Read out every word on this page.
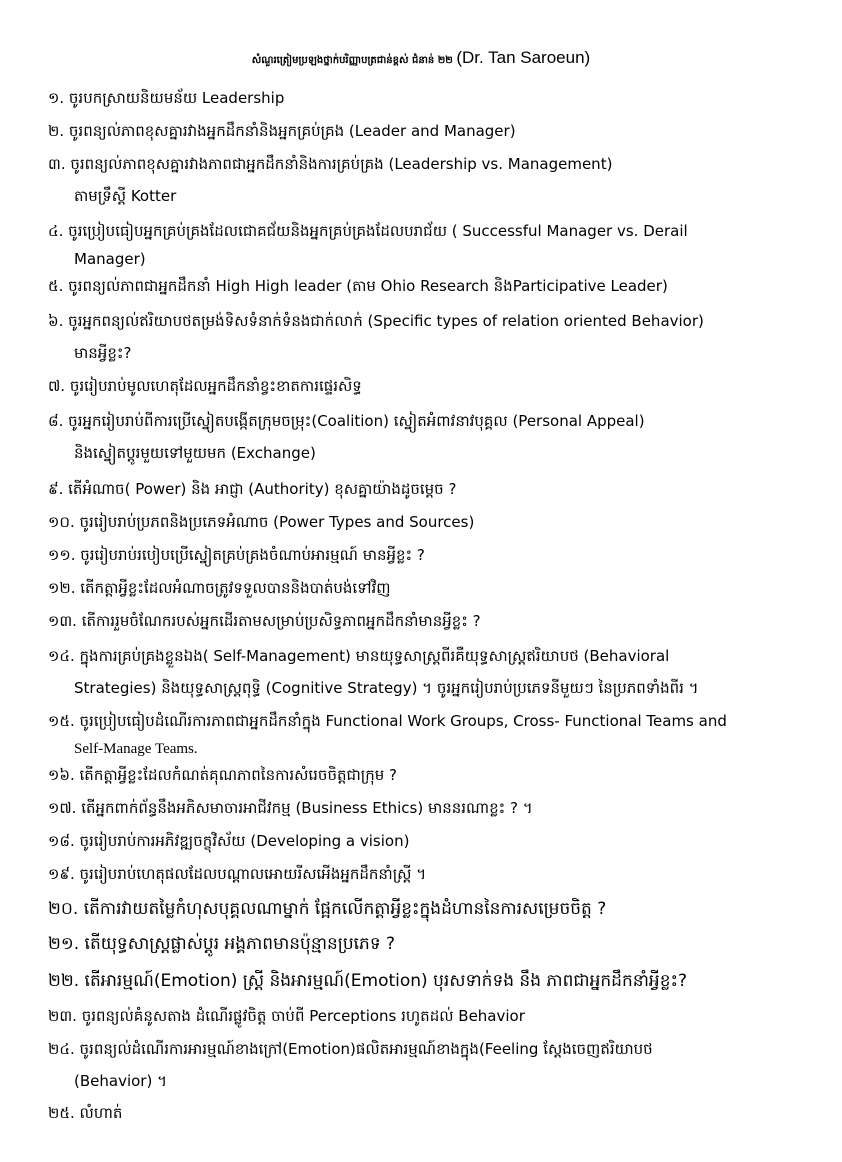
សំណួរត្រៀមប្រឡងថ្នាក់បរិញ្ញាបត្រជាន់ខ្ពស់ ជំនាន់ ២២ (Dr. Tan Saroeun)
១. ចូរបកស្រាយនិយមន័យ Leadership
២. ចូរពន្យល់ភាពខុសគ្នារវាងអ្នកដឹកនាំនិងអ្នកគ្រប់គ្រង (Leader and Manager)
៣. ចូរពន្យល់ភាពខុសគ្នារវាងភាពជាអ្នកដឹកនាំនិងការគ្រប់គ្រង (Leadership vs. Management)
តាមទ្រឹស្តី Kotter
៤. ចូរប្រៀបធៀបអ្នកគ្រប់គ្រងដែលជោគជ័យនិងអ្នកគ្រប់គ្រងដែលបរាជ័យ ( Successful Manager vs. Derail
Manager)
៥. ចូរពន្យល់ភាពជាអ្នកដឹកនាំ High High leader (តាម Ohio Research និងParticipative Leader)
៦. ចូរអ្នកពន្យល់ឥរិយាបថតម្រង់ទិសទំនាក់ទំនងជាក់លាក់ (Specific types of relation oriented Behavior)
មានអ្វីខ្លះ?
៧. ចូររៀបរាប់មូលហេតុដែលអ្នកដឹកនាំខ្វះខាតការផ្ទេរសិទ្ធ
៨. ចូរអ្នករៀបរាប់ពីការប្រើស្នៀតបង្កើតក្រុមចម្រុះ(Coalition) ស្នៀតអំពាវនាវបុគ្គល (Personal Appeal)
និងស្នៀតប្តូរមួយទៅមួយមក (Exchange)
៩. តើអំណាច( Power) និង អាជ្ញា (Authority) ខុសគ្នាយ៉ាងដូចម្តេច ?
១០. ចូររៀបរាប់ប្រភពនិងប្រភេទអំណាច (Power Types and Sources)
១១. ចូររៀបរាប់របៀបប្រើស្នៀតគ្រប់គ្រងចំណាប់អារម្មណ៍ មានអ្វីខ្លះ ?
១២. តើកត្តាអ្វីខ្លះដែលអំណាចត្រូវទទួលបាននិងបាត់បង់ទៅវិញ
១៣. តើការរួមចំណែករបស់អ្នកដើរតាមសម្រាប់ប្រសិទ្ធភាពអ្នកដឹកនាំមានអ្វីខ្លះ ?
១៤. ក្នុងការគ្រប់គ្រងខ្លួនឯង( Self-Management) មានយុទ្ធសាស្ត្រពីរគឺយុទ្ធសាស្ត្រឥរិយាបថ (Behavioral
Strategies) និងយុទ្ធសាស្ត្រពុទ្ធិ (Cognitive Strategy) ។ ចូរអ្នករៀបរាប់ប្រភេទនីមួយៗ នៃប្រភពទាំងពីរ ។
១៥. ចូរប្រៀបធៀបដំណើរការភាពជាអ្នកដឹកនាំក្នុង Functional Work Groups, Cross- Functional Teams and
Self-Manage Teams.
១៦. តើកត្តាអ្វីខ្លះដែលកំណត់គុណភាពនៃការសំរេចចិត្តជាក្រុម ?
១៧. តើអ្នកពាក់ព័ន្ធនឹងអភិសមាចារអាជីវកម្ម (Business Ethics) មាននរណាខ្លះ ? ។
១៨. ចូររៀបរាប់ការអភិវឌ្ឍចក្ខុវិស័យ (Developing a vision)
១៩. ចូររៀបរាប់ហេតុផលដែលបណ្តាលអោយរីសអើងអ្នកដឹកនាំស្ត្រី ។
២០. តើការវាយតម្លៃកំហុសបុគ្គលណាម្នាក់ ផ្អែកលើកត្តាអ្វីខ្លះក្នុងដំហាននៃការសម្រេចចិត្ត ?
២១. តើយុទ្ធសាស្ត្រផ្លាស់ប្តូរ អង្គភាពមានប៉ុន្មានប្រភេទ ?
២២. តើអារម្មណ៍(Emotion) ស្ត្រី និងអារម្មណ៍(Emotion) បុរសទាក់ទង នឹង ភាពជាអ្នកដឹកនាំអ្វីខ្លះ?
២៣. ចូរពន្យល់គំនូសតាង ដំណើរផ្លូវចិត្ត ចាប់ពី Perceptions រហូតដល់ Behavior
២៤. ចូរពន្យល់ដំណើរការអារម្មណ៍ខាងក្រៅ(Emotion)ផលិតអារម្មណ៍ខាងក្នុង(Feeling ស្តែងចេញឥរិយាបថ
(Behavior) ។
២៥. លំហាត់
